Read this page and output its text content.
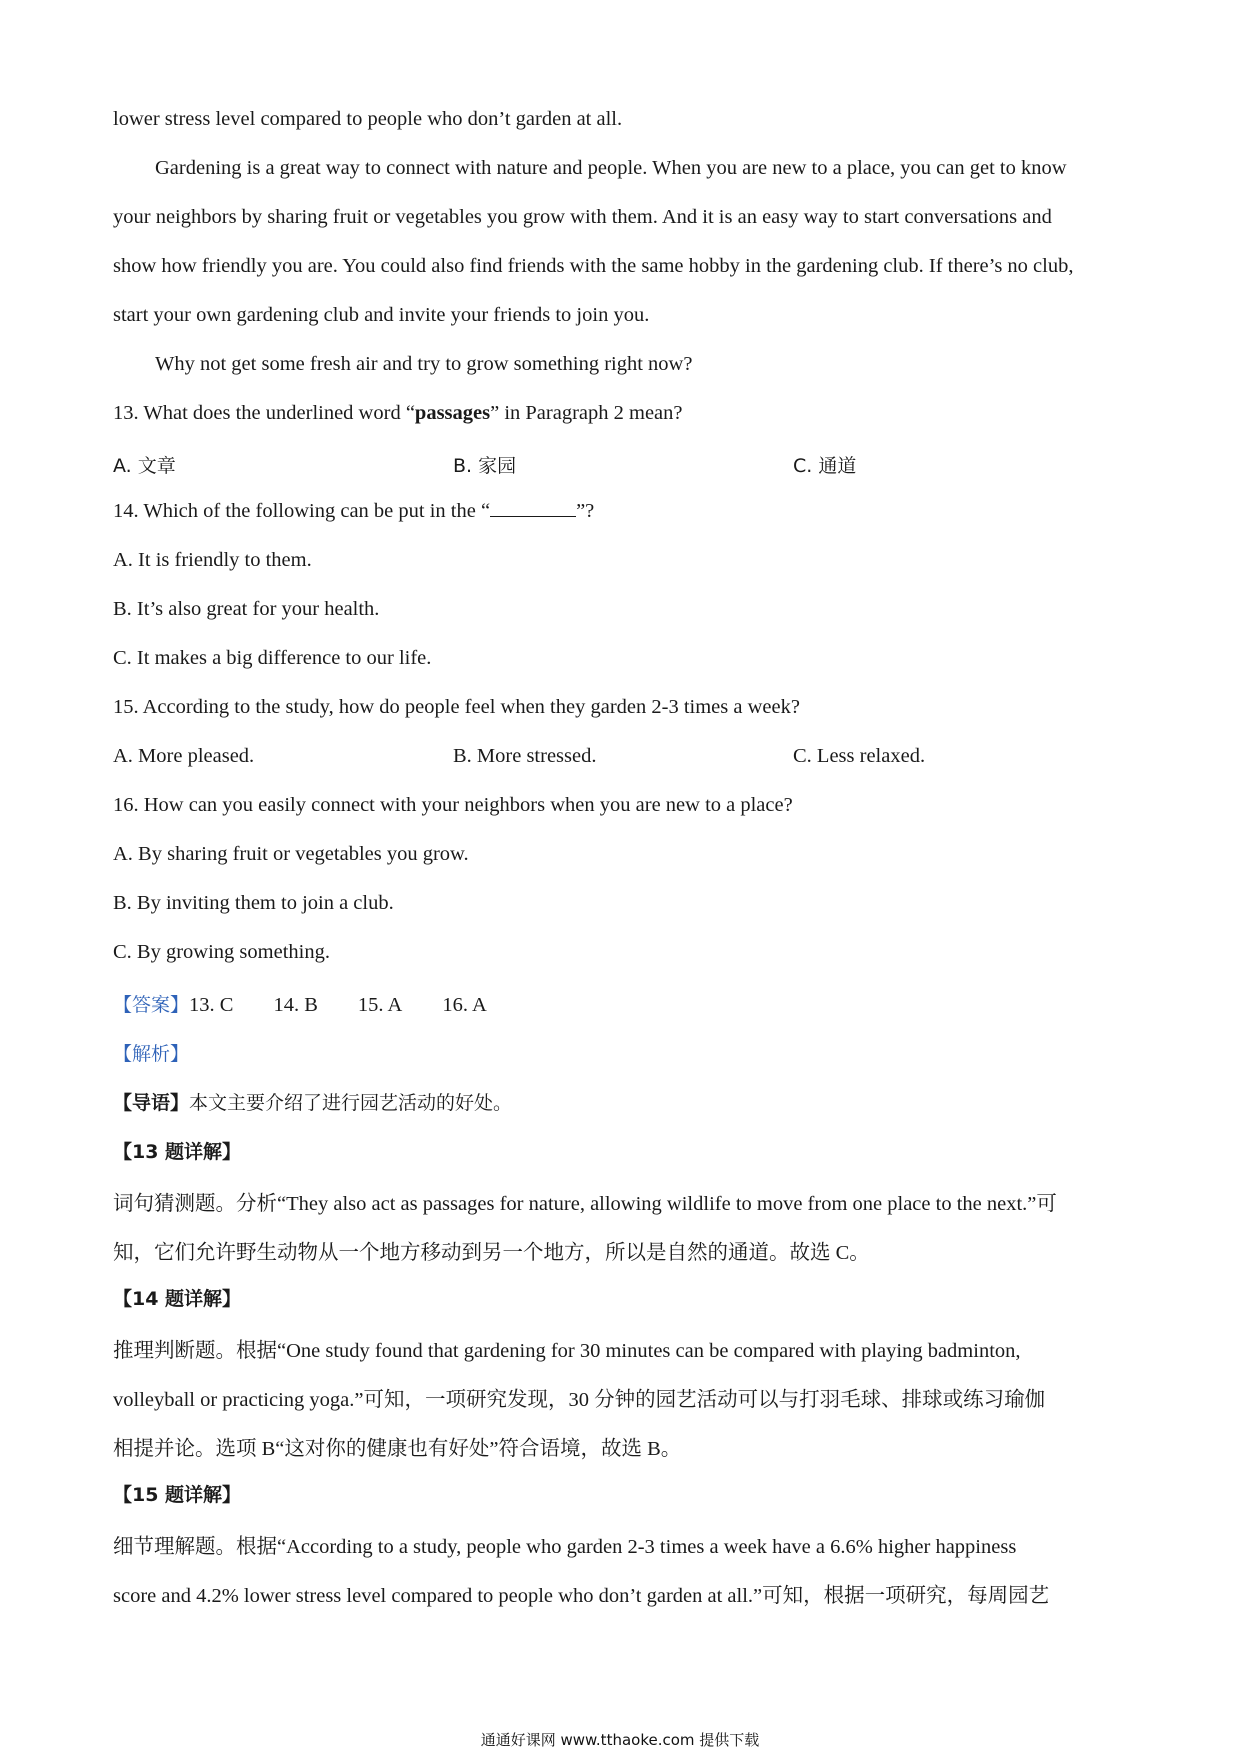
lower stress level compared to people who don’t garden at all.
Gardening is a great way to connect with nature and people. When you are new to a place, you can get to know
your neighbors by sharing fruit or vegetables you grow with them. And it is an easy way to start conversations and
show how friendly you are. You could also find friends with the same hobby in the gardening club. If there’s no club,
start your own gardening club and invite your friends to join you.
Why not get some fresh air and try to grow something right now?
13. What does the underlined word “passages” in Paragraph 2 mean?
A. 文章	B. 家园	C. 通道
14. Which of the following can be put in the “	”?
A. It is friendly to them.
B. It’s also great for your health.
C. It makes a big difference to our life.
15. According to the study, how do people feel when they garden 2-3 times a week?
A. More pleased.	B. More stressed.	C. Less relaxed.
16. How can you easily connect with your neighbors when you are new to a place?
A. By sharing fruit or vegetables you grow.
B. By inviting them to join a club.
C. By growing something.
【答案】13. C 14. B 15. A 16. A
【解析】
【导语】本文主要介绍了进行园艺活动的好处。
【13 题详解】
词句猜测题。分析“They also act as passages for nature, allowing wildlife to move from one place to the next.”可
知，它们允许野生动物从一个地方移动到另一个地方，所以是自然的通道。故选 C。
【14 题详解】
推理判断题。根据“One study found that gardening for 30 minutes can be compared with playing badminton,
volleyball or practicing yoga.”可知，一项研究发现，30 分钟的园艺活动可以与打羽毛球、排球或练习瑜伽
相提并论。选项 B“这对你的健康也有好处”符合语境，故选 B。
【15 题详解】
细节理解题。根据“According to a study, people who garden 2-3 times a week have a 6.6% higher happiness
score and 4.2% lower stress level compared to people who don’t garden at all.”可知，根据一项研究，每周园艺
通通好课网 www.tthaoke.com 提供下载
